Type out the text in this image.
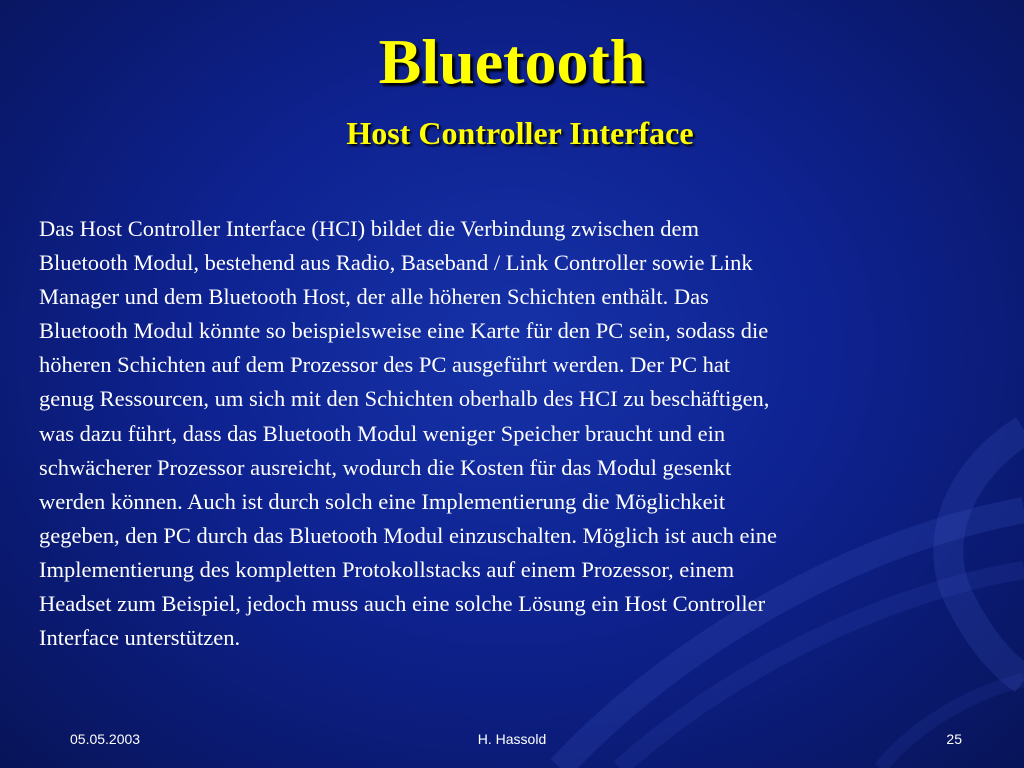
Bluetooth
Host Controller Interface
Das Host Controller Interface (HCI) bildet die Verbindung zwischen dem
Bluetooth Modul, bestehend aus Radio, Baseband / Link Controller sowie Link
Manager und dem Bluetooth Host, der alle höheren Schichten enthält. Das
Bluetooth Modul könnte so beispielsweise eine Karte für den PC sein, sodass die
höheren Schichten auf dem Prozessor des PC ausgeführt werden. Der PC hat
genug Ressourcen, um sich mit den Schichten oberhalb des HCI zu beschäftigen,
was dazu führt, dass das Bluetooth Modul weniger Speicher braucht und ein
schwächerer Prozessor ausreicht, wodurch die Kosten für das Modul gesenkt
werden können. Auch ist durch solch eine Implementierung die Möglichkeit
gegeben, den PC durch das Bluetooth Modul einzuschalten. Möglich ist auch eine
Implementierung des kompletten Protokollstacks auf einem Prozessor, einem
Headset zum Beispiel, jedoch muss auch eine solche Lösung ein Host Controller
Interface unterstützen.
05.05.2003	H. Hassold	25
